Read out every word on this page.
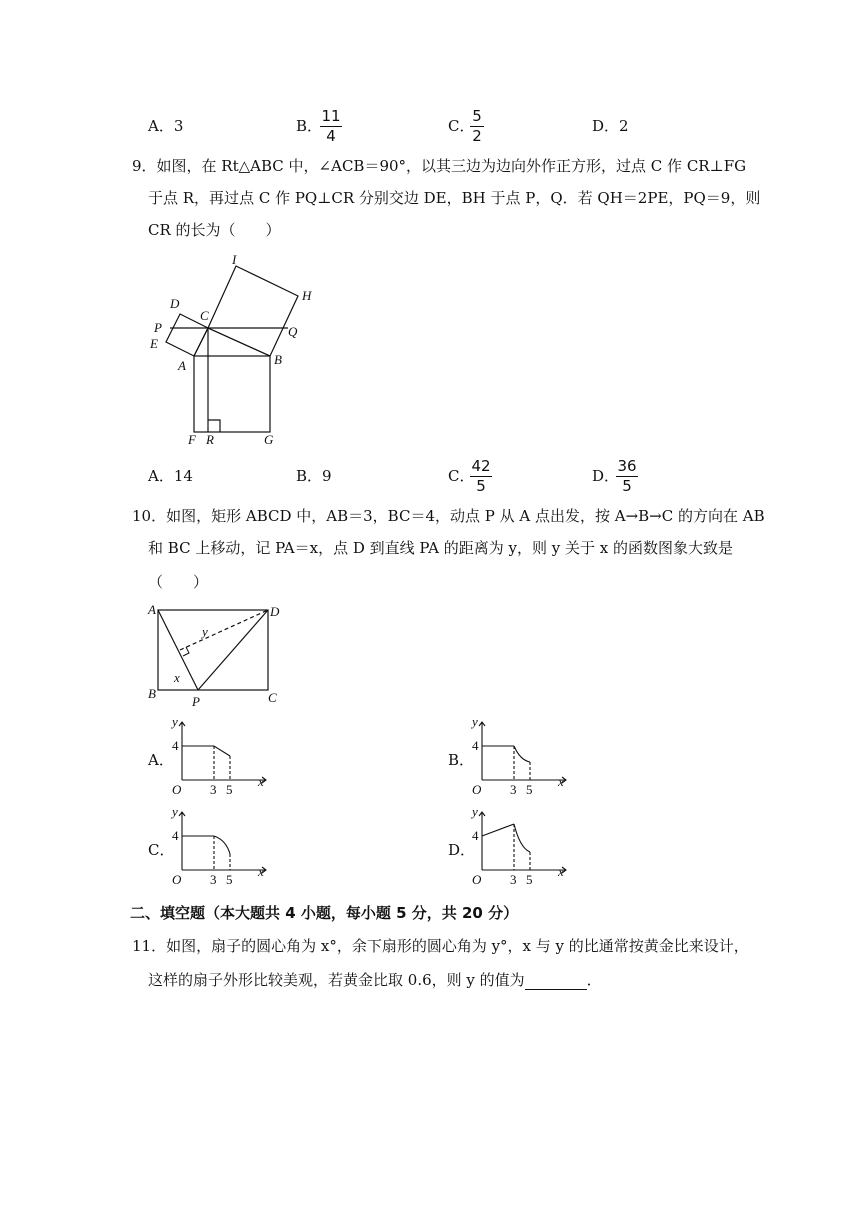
A．3	B．
11
4
C．
5
2
D．2
9．如图，在 Rt△ABC 中，∠ACB＝90°，以其三边为边向外作正方形，过点 C 作 CR⊥FG
于点 R，再过点 C 作 PQ⊥CR 分别交边 DE，BH 于点 P，Q．若 QH＝2PE，PQ＝9，则
CR 的长为（　　）
I
H
D
C
P	Q
E
A	B
F R	G
A．14	B．9	C．
42
5
D．
36
5
10．如图，矩形 ABCD 中，AB＝3，BC＝4，动点 P 从 A 点出发，按 A→B→C 的方向在 AB
和 BC 上移动，记 PA＝x，点 D 到直线 PA 的距离为 y，则 y 关于 x 的函数图象大致是
（　　）
A	D
B
P	C
x
y
A．	B．
C．	D．
y
4
O 3 5
x
y
4
O 3 5
x
y
4
O 3 5
x
y
4
O 3 5
x
二、填空题（本大题共 4 小题，每小题 5 分，共 20 分）
11．如图，扇子的圆心角为 x°，余下扇形的圆心角为 y°，x 与 y 的比通常按黄金比来设计，
这样的扇子外形比较美观，若黄金比取 0.6，则 y 的值为	．
